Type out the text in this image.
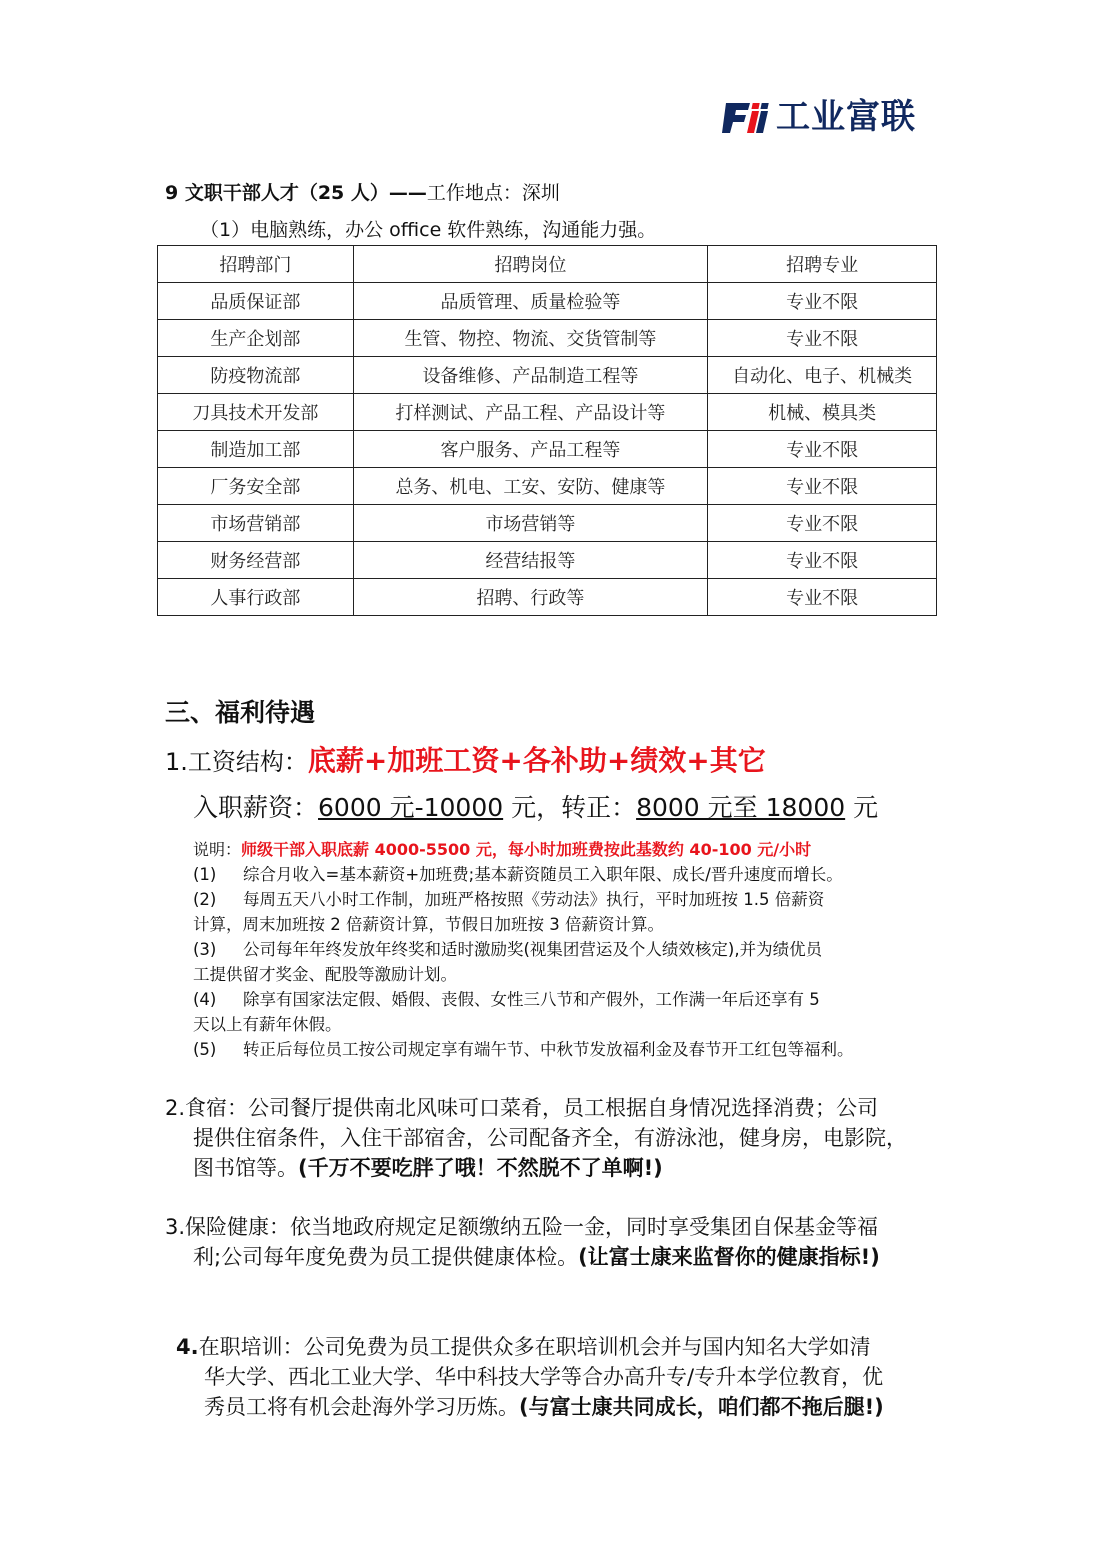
工业富联
9 文职干部人才（25 人）——工作地点：深圳
（1）电脑熟练，办公 office 软件熟练，沟通能力强。
招聘部门	招聘岗位	招聘专业
品质保证部	品质管理、质量检验等	专业不限
生产企划部	生管、物控、物流、交货管制等	专业不限
防疫物流部	设备维修、产品制造工程等	自动化、电子、机械类
刀具技术开发部	打样测试、产品工程、产品设计等	机械、模具类
制造加工部	客户服务、产品工程等	专业不限
厂务安全部	总务、机电、工安、安防、健康等	专业不限
市场营销部	市场营销等	专业不限
财务经营部	经营结报等	专业不限
人事行政部	招聘、行政等	专业不限
三、福利待遇
1.工资结构：底薪+加班工资+各补助+绩效+其它
入职薪资：6000 元-10000 元，转正：8000 元至 18000 元
说明：师级干部入职底薪 4000-5500 元，每小时加班费按此基数约 40-100 元/小时

(1) 综合月收入=基本薪资+加班费;基本薪资随员工入职年限、成长/晋升速度而增长。

(2) 每周五天八小时工作制，加班严格按照《劳动法》执行，平时加班按 1.5 倍薪资
计算，周末加班按 2 倍薪资计算，节假日加班按 3 倍薪资计算。

(3) 公司每年年终发放年终奖和适时激励奖(视集团营运及个人绩效核定),并为绩优员
工提供留才奖金、配股等激励计划。

(4) 除享有国家法定假、婚假、丧假、女性三八节和产假外，工作满一年后还享有 5
天以上有薪年休假。

(5) 转正后每位员工按公司规定享有端午节、中秋节发放福利金及春节开工红包等福利。

2.食宿：公司餐厅提供南北风味可口菜肴，员工根据自身情况选择消费；公司
提供住宿条件，入住干部宿舍，公司配备齐全，有游泳池，健身房，电影院，
图书馆等。(千万不要吃胖了哦！不然脱不了单啊!)
3.保险健康：依当地政府规定足额缴纳五险一金，同时享受集团自保基金等福
利;公司每年度免费为员工提供健康体检。(让富士康来监督你的健康指标!)
4.在职培训：公司免费为员工提供众多在职培训机会并与国内知名大学如清
华大学、西北工业大学、华中科技大学等合办高升专/专升本学位教育，优
秀员工将有机会赴海外学习历炼。(与富士康共同成长，咱们都不拖后腿!)
